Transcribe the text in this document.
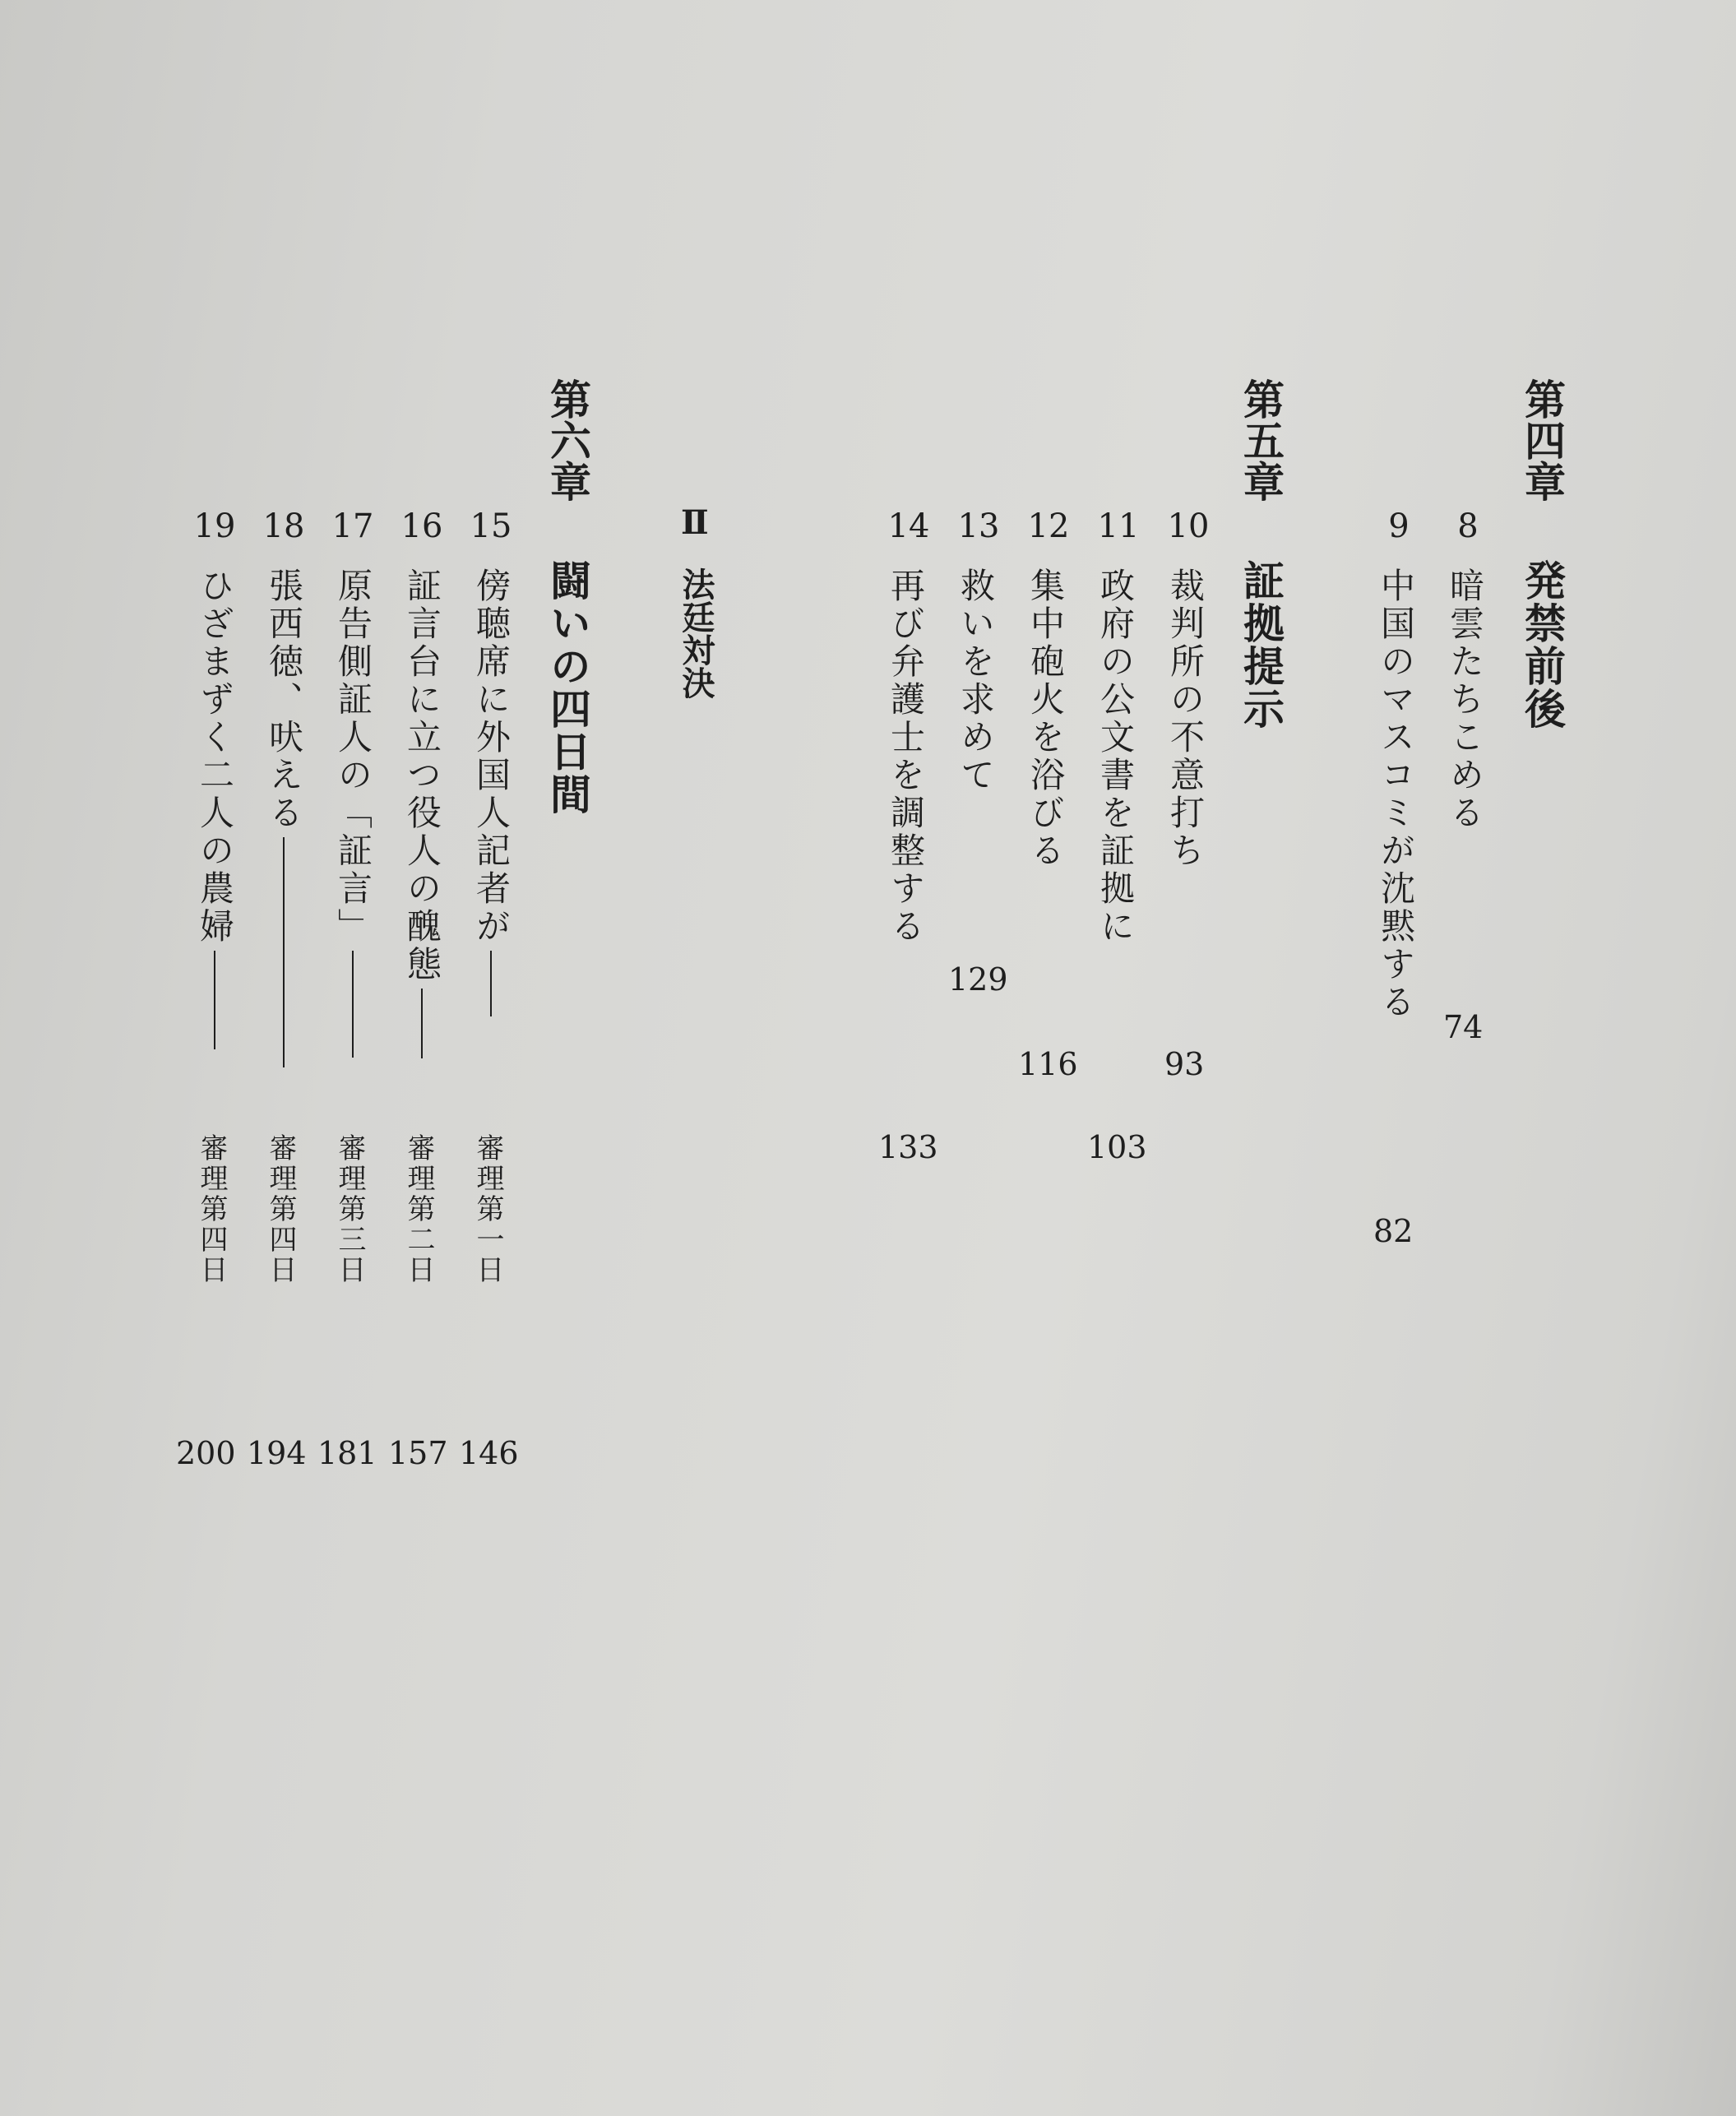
第四章
発禁前後
8
暗雲たちこめる
74
9
中国のマスコミが沈黙する
82
第五章
証拠提示
10
裁判所の不意打ち
93
11
政府の公文書を証拠に
103
12
集中砲火を浴びる
116
13
救いを求めて
129
14
再び弁護士を調整する
133
Ⅱ
法廷対決
第六章
闘いの四日間
15
傍聴席に外国人記者が
審理第一日
16
証言台に立つ役人の醜態
審理第二日
17
原告側証人の「証言」
審理第三日
18
張西徳、吠える
審理第四日
19
ひざまずく二人の農婦
審理第四日
200 194 181 157 146
